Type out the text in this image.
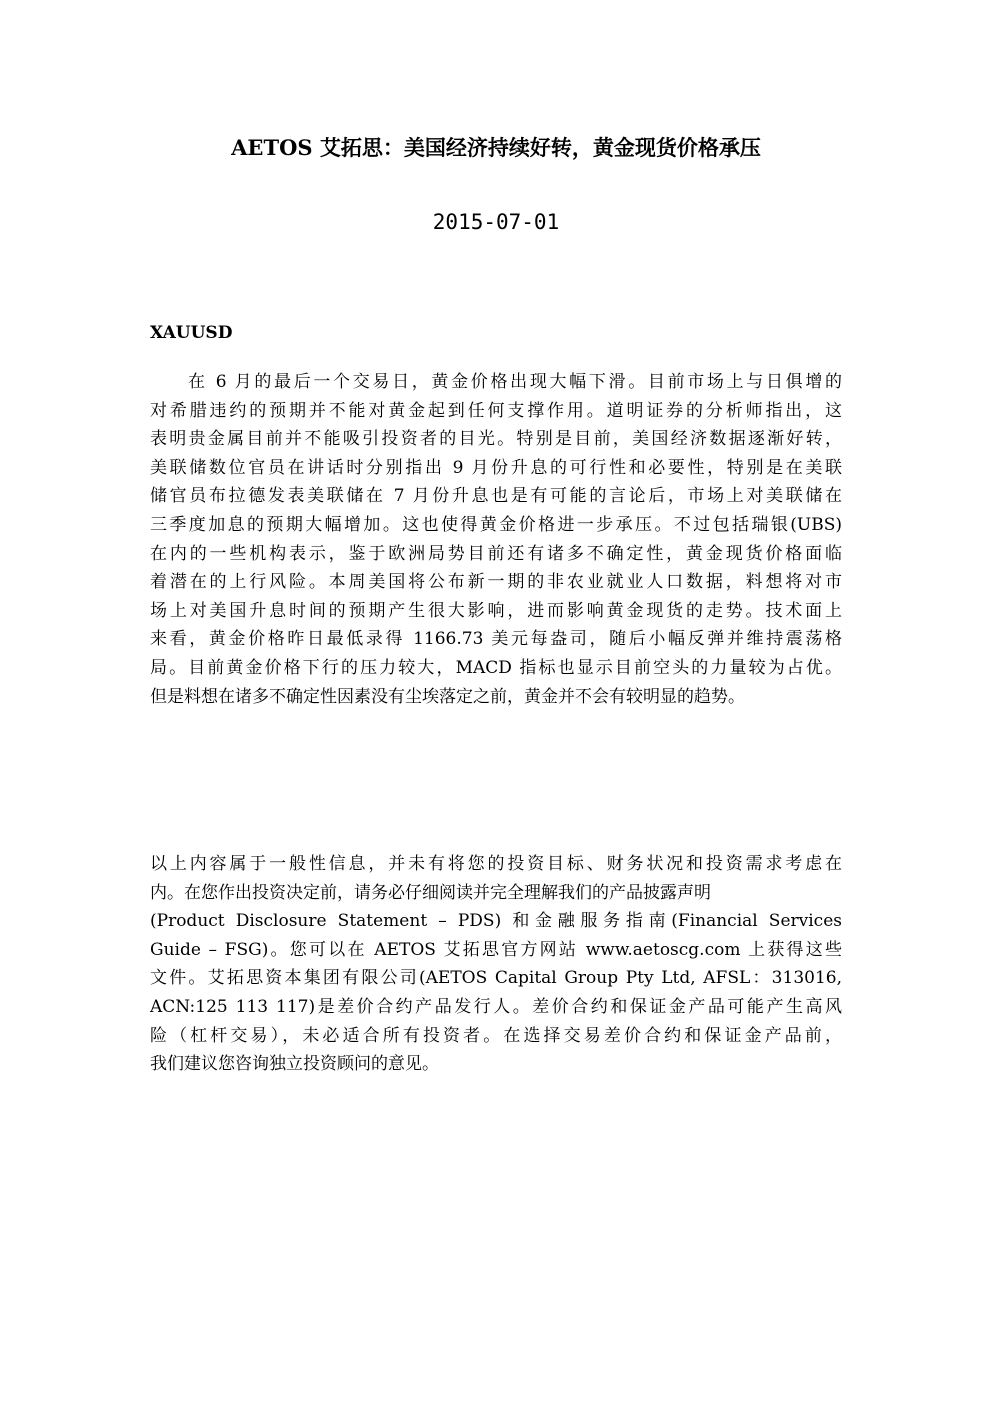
AETOS 艾拓思：美国经济持续好转，黄金现货价格承压
2015-07-01
XAUUSD
在 6 月的最后一个交易日，黄金价格出现大幅下滑。目前市场上与日俱增的
对希腊违约的预期并不能对黄金起到任何支撑作用。道明证券的分析师指出，这
表明贵金属目前并不能吸引投资者的目光。特别是目前，美国经济数据逐渐好转，
美联储数位官员在讲话时分别指出 9 月份升息的可行性和必要性，特别是在美联
储官员布拉德发表美联储在 7 月份升息也是有可能的言论后，市场上对美联储在
三季度加息的预期大幅增加。这也使得黄金价格进一步承压。不过包括瑞银(UBS)
在内的一些机构表示，鉴于欧洲局势目前还有诸多不确定性，黄金现货价格面临
着潜在的上行风险。本周美国将公布新一期的非农业就业人口数据，料想将对市
场上对美国升息时间的预期产生很大影响，进而影响黄金现货的走势。技术面上
来看，黄金价格昨日最低录得 1166.73 美元每盎司，随后小幅反弹并维持震荡格
局。目前黄金价格下行的压力较大，MACD 指标也显示目前空头的力量较为占优。
但是料想在诸多不确定性因素没有尘埃落定之前，黄金并不会有较明显的趋势。
以上内容属于一般性信息，并未有将您的投资目标、财务状况和投资需求考虑在
内。在您作出投资决定前，请务必仔细阅读并完全理解我们的产品披露声明
(Product Disclosure Statement – PDS) 和金融服务指南(Financial Services
Guide – FSG)。您可以在 AETOS 艾拓思官方网站 www.aetoscg.com 上获得这些
文件。艾拓思资本集团有限公司(AETOS Capital Group Pty Ltd, AFSL：313016,
ACN:125 113 117)是差价合约产品发行人。差价合约和保证金产品可能产生高风
险（杠杆交易），未必适合所有投资者。在选择交易差价合约和保证金产品前，
我们建议您咨询独立投资顾问的意见。
